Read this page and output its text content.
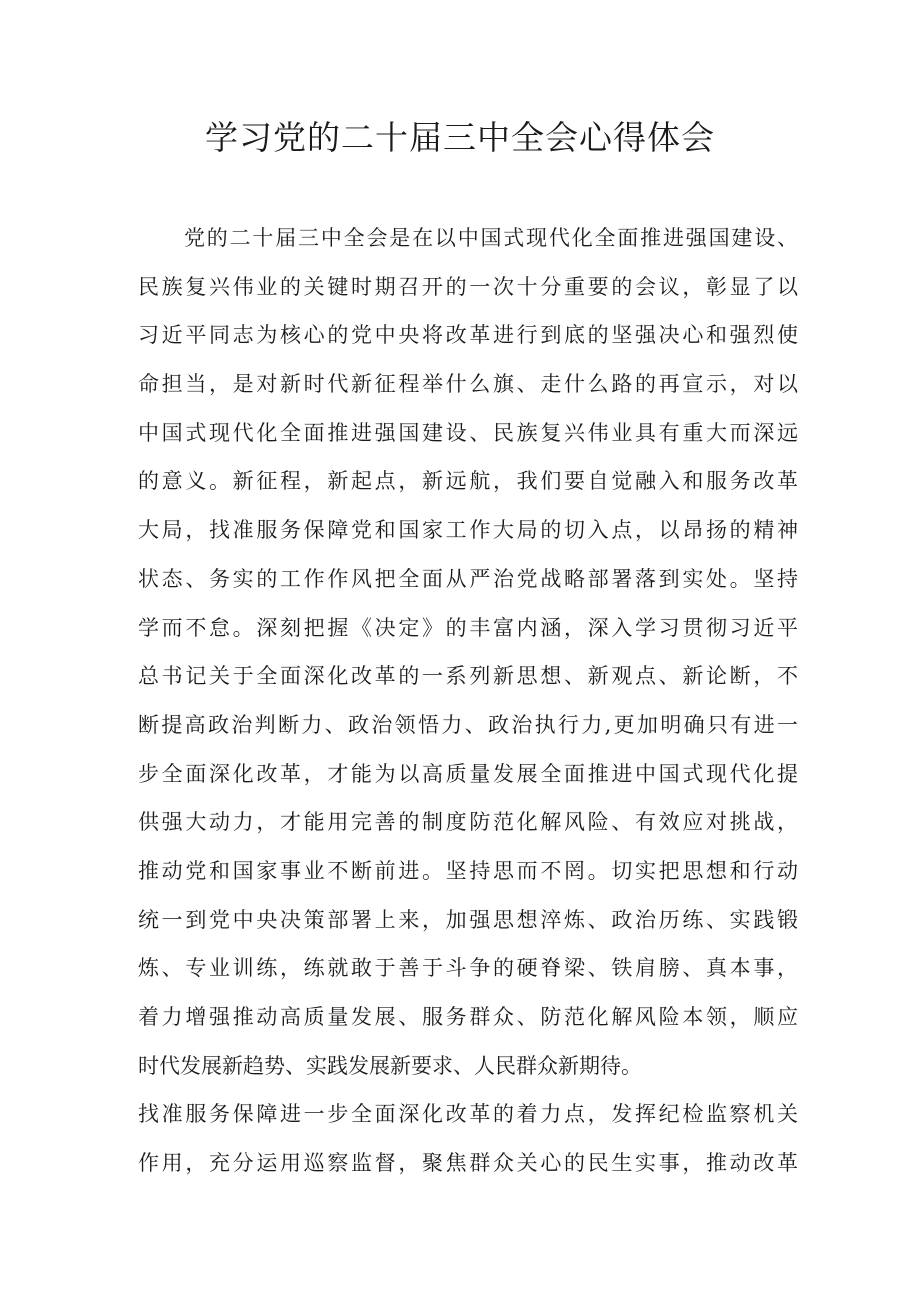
学习党的二十届三中全会心得体会
党的二十届三中全会是在以中国式现代化全面推进强国建设、
民族复兴伟业的关键时期召开的一次十分重要的会议，彰显了以
习近平同志为核心的党中央将改革进行到底的坚强决心和强烈使
命担当，是对新时代新征程举什么旗、走什么路的再宣示，对以
中国式现代化全面推进强国建设、民族复兴伟业具有重大而深远
的意义。新征程，新起点，新远航，我们要自觉融入和服务改革
大局，找准服务保障党和国家工作大局的切入点，以昂扬的精神
状态、务实的工作作风把全面从严治党战略部署落到实处。坚持
学而不怠。深刻把握《决定》的丰富内涵，深入学习贯彻习近平
总书记关于全面深化改革的一系列新思想、新观点、新论断，不
断提高政治判断力、政治领悟力、政治执行力,更加明确只有进一
步全面深化改革，才能为以高质量发展全面推进中国式现代化提
供强大动力，才能用完善的制度防范化解风险、有效应对挑战，
推动党和国家事业不断前进。坚持思而不罔。切实把思想和行动
统一到党中央决策部署上来，加强思想淬炼、政治历练、实践锻
炼、专业训练，练就敢于善于斗争的硬脊梁、铁肩膀、真本事，
着力增强推动高质量发展、服务群众、防范化解风险本领，顺应
时代发展新趋势、实践发展新要求、人民群众新期待。
找准服务保障进一步全面深化改革的着力点，发挥纪检监察机关
作用，充分运用巡察监督，聚焦群众关心的民生实事，推动改革
